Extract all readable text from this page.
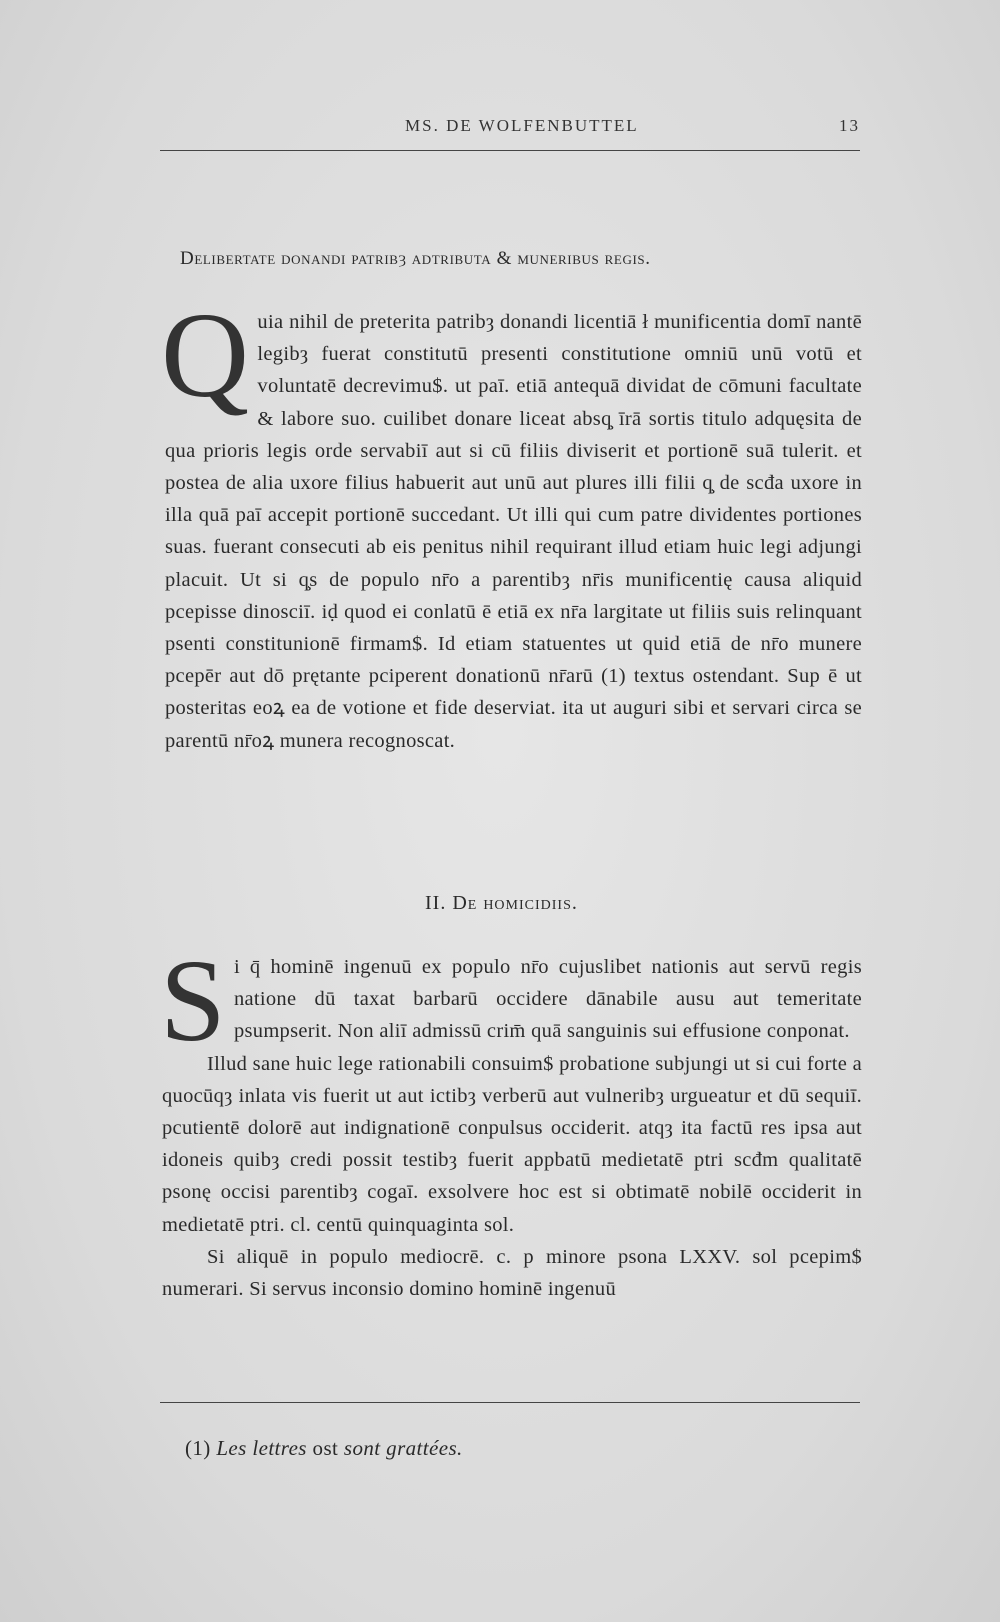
MS. DE WOLFENBUTTEL	13
Delibertate donandi patribȝ adtributa & muneribus regis.

Q uia nihil de preterita patribȝ donandi licentiā ł munificentia domī nantē legibȝ fuerat constitutū presenti constitutione omniū unū votū et voluntatē decrevimu$. ut paī. etiā antequā dividat de cōmuni facultate & labore suo. cuilibet donare liceat absq̧ īrā sortis titulo adquęsita de qua prioris legis orde servabiī aut si cū filiis diviserit et portionē suā tulerit. et postea de alia uxore filius habuerit aut unū aut plures illi filii q̧ de scđa uxore in illa quā paī accepit portionē succedant. Ut illi qui cum patre dividentes portiones suas. fuerant consecuti ab eis penitus nihil requirant illud etiam huic legi adjungi placuit. Ut si q̧s de populo nr̄o a parentibȝ nr̄is munificentię causa aliquid pcepisse dinosciī. iḍ quod ei conlatū ē etiā ex nr̄a largitate ut filiis suis relinquant psenti constitunionē firmam$. Id etiam statuentes ut quid etiā de nr̄o munere pcepēr aut dō prętante pciperent donationū nr̄arū (1) textus ostendant. Sup ē ut posteritas eoꝝ ea de votione et fide deserviat. ita ut auguri sibi et servari circa se parentū nr̄oꝝ munera recognoscat.

II. De homicidiis.

S i q̄ hominē ingenuū ex populo nr̄o cujuslibet nationis aut servū regis natione dū taxat barbarū occidere dānabile ausu aut temeritate psumpserit. Non aliī admissū crim̄ quā sanguinis sui effusione conponat.

Illud sane huic lege rationabili consuim$ probatione subjungi ut si cui forte a quocūqȝ inlata vis fuerit ut aut ictibȝ verberū aut vulneribȝ urgueatur et dū sequiī. pcutientē dolorē aut indignationē conpulsus occiderit. atqȝ ita factū res ipsa aut idoneis quibȝ credi possit testibȝ fuerit appbatū medietatē ptri scđm qualitatē psonę occisi parentibȝ cogaī. exsolvere hoc est si obtimatē nobilē occiderit in medietatē ptri. cl. centū quinquaginta sol.

Si aliquē in populo mediocrē. c. p minore psona LXXV. sol pcepim$ numerari. Si servus inconsio domino hominē ingenuū

(1) Les lettres ost sont grattées.
